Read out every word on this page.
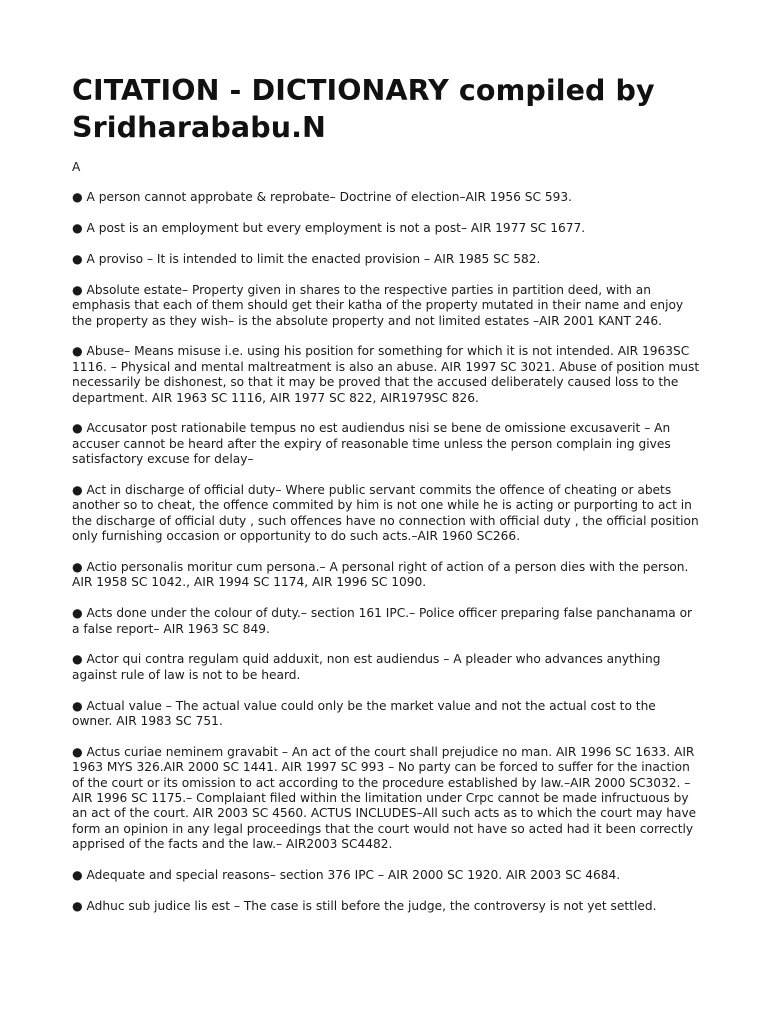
CITATION - DICTIONARY compiled by Sridharababu.N
A
● A person cannot approbate & reprobate– Doctrine of election–AIR 1956 SC 593.
● A post is an employment but every employment is not a post– AIR 1977 SC 1677.
● A proviso – It is intended to limit the enacted provision – AIR 1985 SC 582.
● Absolute estate– Property given in shares to the respective parties in partition deed, with an emphasis that each of them should get their katha of the property mutated in their name and enjoy the property as they wish– is the absolute property and not limited estates –AIR 2001 KANT 246.
● Abuse– Means misuse i.e. using his position for something for which it is not intended. AIR 1963SC 1116. – Physical and mental maltreatment is also an abuse. AIR 1997 SC 3021. Abuse of position must necessarily be dishonest, so that it may be proved that the accused deliberately caused loss to the department. AIR 1963 SC 1116, AIR 1977 SC 822, AIR1979SC 826.
● Accusator post rationabile tempus no est audiendus nisi se bene de omissione excusaverit – An accuser cannot be heard after the expiry of reasonable time unless the person complain ing gives satisfactory excuse for delay–
● Act in discharge of official duty– Where public servant commits the offence of cheating or abets another so to cheat, the offence commited by him is not one while he is acting or purporting to act in the discharge of official duty , such offences have no connection with official duty , the official position only furnishing occasion or opportunity to do such acts.–AIR 1960 SC266.
● Actio personalis moritur cum persona.– A personal right of action of a person dies with the person. AIR 1958 SC 1042., AIR 1994 SC 1174, AIR 1996 SC 1090.
● Acts done under the colour of duty.– section 161 IPC.– Police officer preparing false panchanama or a false report– AIR 1963 SC 849.
● Actor qui contra regulam quid adduxit, non est audiendus – A pleader who advances anything against rule of law is not to be heard.
● Actual value – The actual value could only be the market value and not the actual cost to the owner. AIR 1983 SC 751.
● Actus curiae neminem gravabit – An act of the court shall prejudice no man. AIR 1996 SC 1633. AIR 1963 MYS 326.AIR 2000 SC 1441. AIR 1997 SC 993 – No party can be forced to suffer for the inaction of the court or its omission to act according to the procedure established by law.–AIR 2000 SC3032. –AIR 1996 SC 1175.– Complaiant filed within the limitation under Crpc cannot be made infructuous by an act of the court. AIR 2003 SC 4560. ACTUS INCLUDES–All such acts as to which the court may have form an opinion in any legal proceedings that the court would not have so acted had it been correctly apprised of the facts and the law.– AIR2003 SC4482.
● Adequate and special reasons– section 376 IPC – AIR 2000 SC 1920. AIR 2003 SC 4684.
● Adhuc sub judice lis est – The case is still before the judge, the controversy is not yet settled.
